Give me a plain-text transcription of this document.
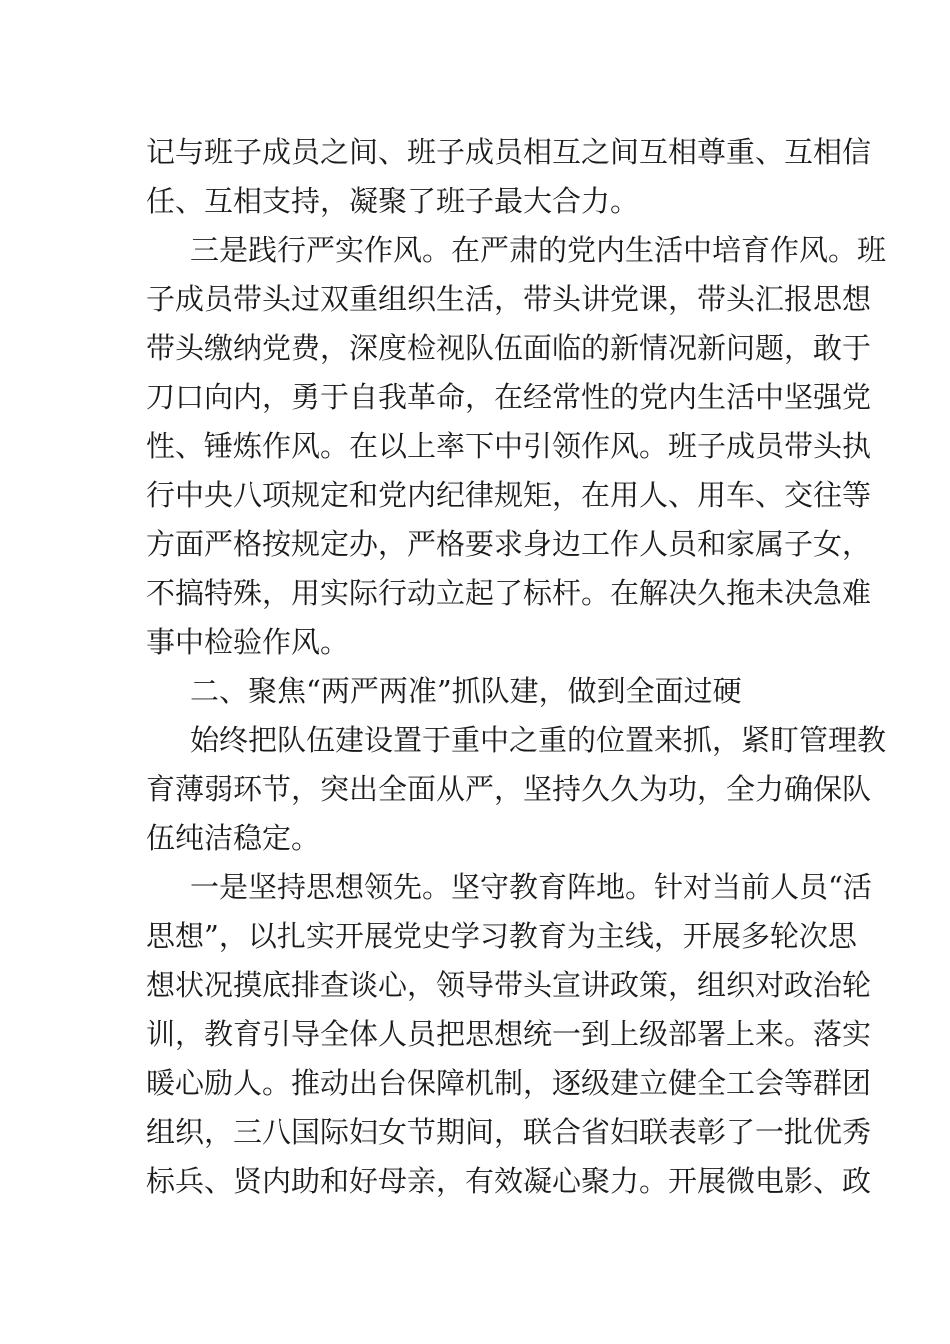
记与班子成员之间、班子成员相互之间互相尊重、互相信
任、互相支持，凝聚了班子最大合力。
三是践行严实作风。在严肃的党内生活中培育作风。班
子成员带头过双重组织生活，带头讲党课，带头汇报思想
带头缴纳党费，深度检视队伍面临的新情况新问题，敢于
刀口向内，勇于自我革命，在经常性的党内生活中坚强党
性、锤炼作风。在以上率下中引领作风。班子成员带头执
行中央八项规定和党内纪律规矩，在用人、用车、交往等
方面严格按规定办，严格要求身边工作人员和家属子女，
不搞特殊，用实际行动立起了标杆。在解决久拖未决急难
事中检验作风。
二、聚焦“两严两准”抓队建，做到全面过硬
始终把队伍建设置于重中之重的位置来抓，紧盯管理教
育薄弱环节，突出全面从严，坚持久久为功，全力确保队
伍纯洁稳定。
一是坚持思想领先。坚守教育阵地。针对当前人员“活
思想”，以扎实开展党史学习教育为主线，开展多轮次思
想状况摸底排查谈心，领导带头宣讲政策，组织对政治轮
训，教育引导全体人员把思想统一到上级部署上来。落实
暖心励人。推动出台保障机制，逐级建立健全工会等群团
组织，三八国际妇女节期间，联合省妇联表彰了一批优秀
标兵、贤内助和好母亲，有效凝心聚力。开展微电影、政
